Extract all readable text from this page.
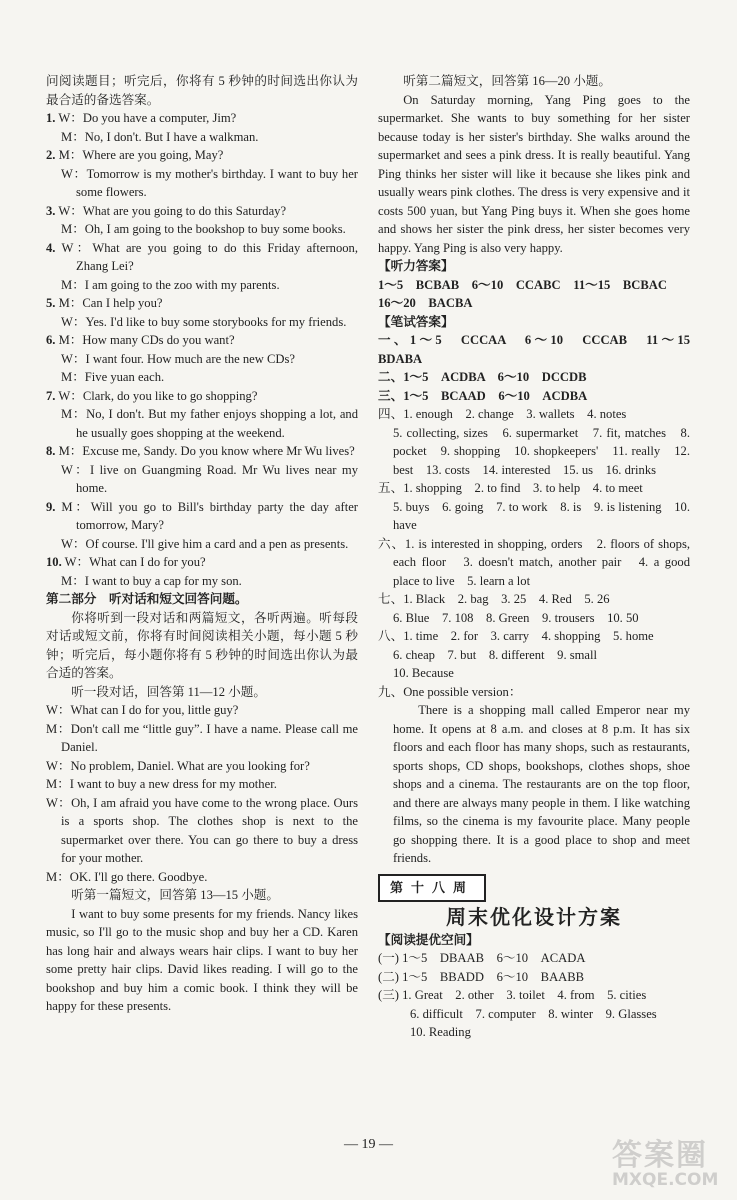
问阅读题目；听完后，你将有 5 秒钟的时间选出你认为最合适的备选答案。

1. W：Do you have a computer, Jim?

M：No, I don't. But I have a walkman.

2. M：Where are you going, May?

W：Tomorrow is my mother's birthday. I want to buy her some flowers.

3. W：What are you going to do this Saturday?

M：Oh, I am going to the bookshop to buy some books.

4. W：What are you going to do this Friday afternoon, Zhang Lei?

M：I am going to the zoo with my parents.

5. M：Can I help you?

W：Yes. I'd like to buy some storybooks for my friends.

6. M：How many CDs do you want?

W：I want four. How much are the new CDs?

M：Five yuan each.

7. W：Clark, do you like to go shopping?

M：No, I don't. But my father enjoys shopping a lot, and he usually goes shopping at the weekend.

8. M：Excuse me, Sandy. Do you know where Mr Wu lives?

W：I live on Guangming Road. Mr Wu lives near my home.

9. M：Will you go to Bill's birthday party the day after tomorrow, Mary?

W：Of course. I'll give him a card and a pen as presents.

10. W：What can I do for you?

M：I want to buy a cap for my son.

第二部分　听对话和短文回答问题。

你将听到一段对话和两篇短文，各听两遍。听每段对话或短文前，你将有时间阅读相关小题，每小题 5 秒钟；听完后，每小题你将有 5 秒钟的时间选出你认为最合适的答案。

听一段对话，回答第 11—12 小题。

W：What can I do for you, little guy?

M：Don't call me “little guy”. I have a name. Please call me Daniel.

W：No problem, Daniel. What are you looking for?

M：I want to buy a new dress for my mother.

W：Oh, I am afraid you have come to the wrong place. Ours is a sports shop. The clothes shop is next to the supermarket over there. You can go there to buy a dress for your mother.

M：OK. I'll go there. Goodbye.

听第一篇短文，回答第 13—15 小题。

I want to buy some presents for my friends. Nancy likes music, so I'll go to the music shop and buy her a CD. Karen has long hair and always wears hair clips. I want to buy her some pretty hair clips. David likes reading. I will go to the bookshop and buy him a comic book. I think they will be happy for these presents.

听第二篇短文，回答第 16—20 小题。

On Saturday morning, Yang Ping goes to the supermarket. She wants to buy something for her sister because today is her sister's birthday. She walks around the supermarket and sees a pink dress. It is really beautiful. Yang Ping thinks her sister will like it because she likes pink and usually wears pink clothes. The dress is very expensive and it costs 500 yuan, but Yang Ping buys it. When she goes home and shows her sister the pink dress, her sister becomes very happy. Yang Ping is also very happy.

【听力答案】

1～5　BCBAB　6～10　CCABC　11～15　BCBAC

16～20　BACBA

【笔试答案】

一、1～5　CCCAA　6～10　CCCAB　11～15　BDABA

二、1～5　ACDBA　6～10　DCCDB

三、1～5　BCAAD　6～10　ACDBA

四、1. enough　2. change　3. wallets　4. notes

5. collecting, sizes　6. supermarket　7. fit, matches　8. pocket　9. shopping　10. shopkeepers'　11. really　12. best　13. costs　14. interested　15. us　16. drinks

五、1. shopping　2. to find　3. to help　4. to meet

5. buys　6. going　7. to work　8. is　9. is listening　10. have

六、1. is interested in shopping, orders　2. floors of shops, each floor　3. doesn't match, another pair　4. a good place to live　5. learn a lot

七、1. Black　2. bag　3. 25　4. Red　5. 26

6. Blue　7. 108　8. Green　9. trousers　10. 50

八、1. time　2. for　3. carry　4. shopping　5. home

6. cheap　7. but　8. different　9. small

10. Because

九、One possible version：

There is a shopping mall called Emperor near my home. It opens at 8 a.m. and closes at 8 p.m. It has six floors and each floor has many shops, such as restaurants, sports shops, CD shops, bookshops, clothes shops, shoe shops and a cinema. The restaurants are on the top floor, and there are always many people in them. I like watching films, so the cinema is my favourite place. Many people go shopping there. It is a good place to shop and meet friends.

第十八周
周末优化设计方案

【阅读提优空间】

(一) 1～5　DBAAB　6～10　ACADA

(二) 1～5　BBADD　6～10　BAABB

(三) 1. Great　2. other　3. toilet　4. from　5. cities

6. difficult　7. computer　8. winter　9. Glasses

10. Reading

— 19 —	答案圈
MXQE.COM
